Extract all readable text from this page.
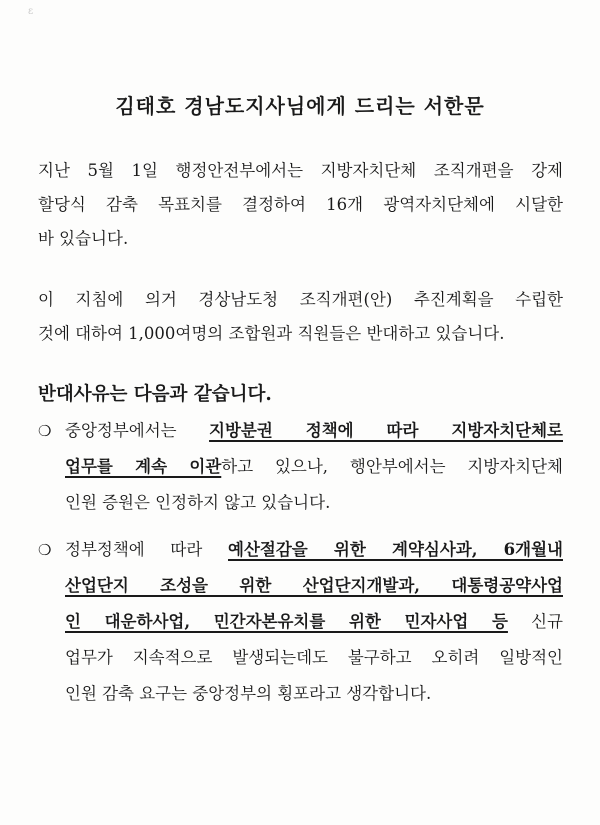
ε
김태호 경남도지사님에게 드리는 서한문
지난 5월 1일 행정안전부에서는 지방자치단체 조직개편을 강제
할당식 감축 목표치를 결정하여 16개 광역자치단체에 시달한
바 있습니다.
이 지침에 의거 경상남도청 조직개편(안) 추진계획을 수립한
것에 대하여 1,000여명의 조합원과 직원들은 반대하고 있습니다.
반대사유는 다음과 같습니다.
❍ 중앙정부에서는 지방분권 정책에 따라 지방자치단체로
업무를 계속 이관하고 있으나, 행안부에서는 지방자치단체
인원 증원은 인정하지 않고 있습니다.
❍ 정부정책에 따라 예산절감을 위한 계약심사과, 6개월내
산업단지 조성을 위한 산업단지개발과, 대통령공약사업
인 대운하사업, 민간자본유치를 위한 민자사업 등 신규
업무가 지속적으로 발생되는데도 불구하고 오히려 일방적인
인원 감축 요구는 중앙정부의 횡포라고 생각합니다.
